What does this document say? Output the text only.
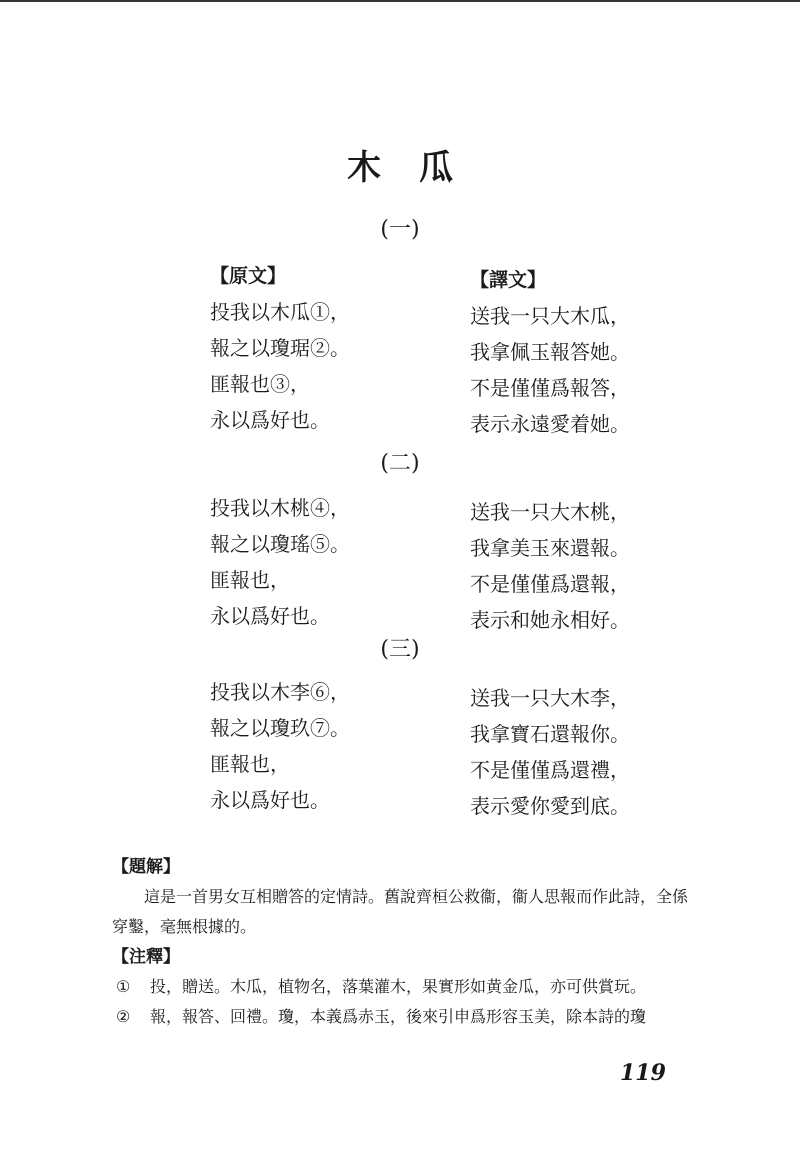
木瓜
(一)
【原文】
投我以木瓜①，
報之以瓊琚②。
匪報也③，
永以爲好也。
【譯文】
送我一只大木瓜，
我拿佩玉報答她。
不是僅僅爲報答，
表示永遠愛着她。
(二)
投我以木桃④，
報之以瓊瑤⑤。
匪報也，
永以爲好也。
送我一只大木桃，
我拿美玉來還報。
不是僅僅爲還報，
表示和她永相好。
(三)
投我以木李⑥，
報之以瓊玖⑦。
匪報也，
永以爲好也。
送我一只大木李，
我拿寶石還報你。
不是僅僅爲還禮，
表示愛你愛到底。
【題解】

這是一首男女互相贈答的定情詩。舊說齊桓公救衞，衞人思報而作此詩，全係穿鑿，毫無根據的。

【注釋】

①	投，贈送。木瓜，植物名，落葉灌木，果實形如黄金瓜，亦可供賞玩。

②	報，報答、回禮。瓊，本義爲赤玉，後來引申爲形容玉美，除本詩的瓊

119
